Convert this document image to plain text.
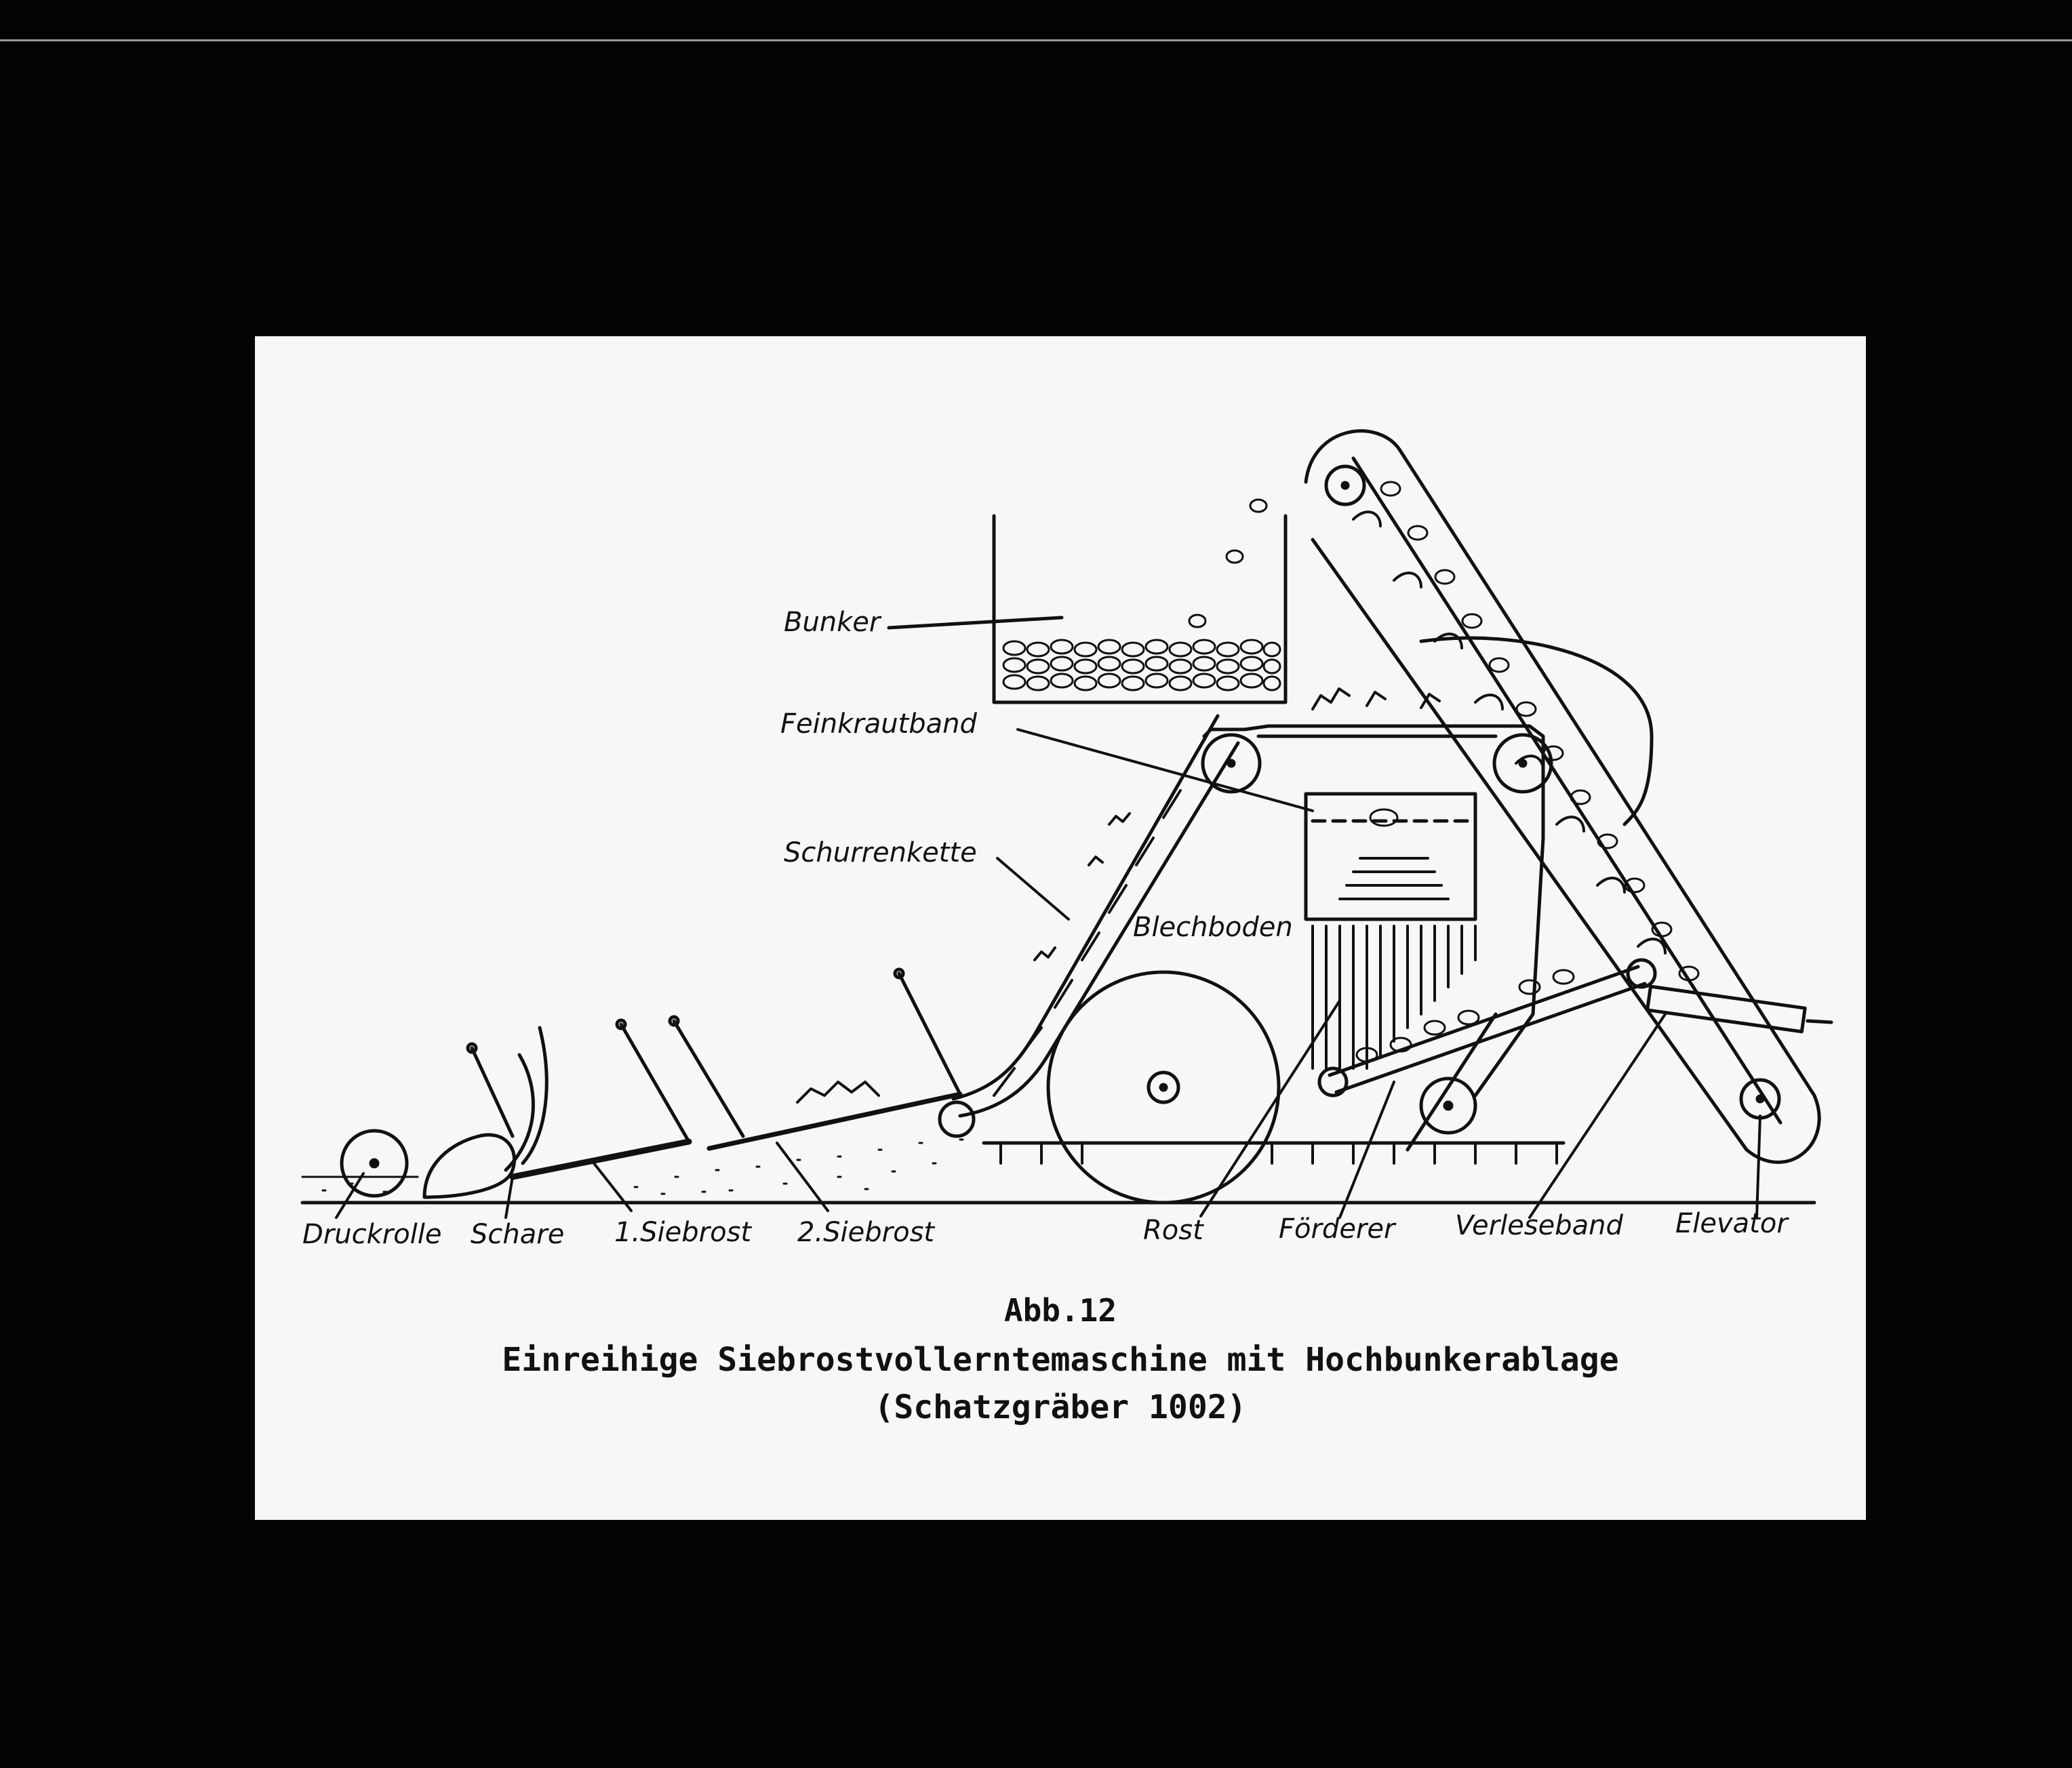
Bunker
Feinkrautband
Schurrenkette
Blechboden
Druckrolle Schare 1.Siebrost 2.Siebrost	Rost	Förderer Verleseband Elevator
Abb.12
Einreihige Siebrostvollerntemaschine mit Hochbunkerablage
(Schatzgräber 1002)
